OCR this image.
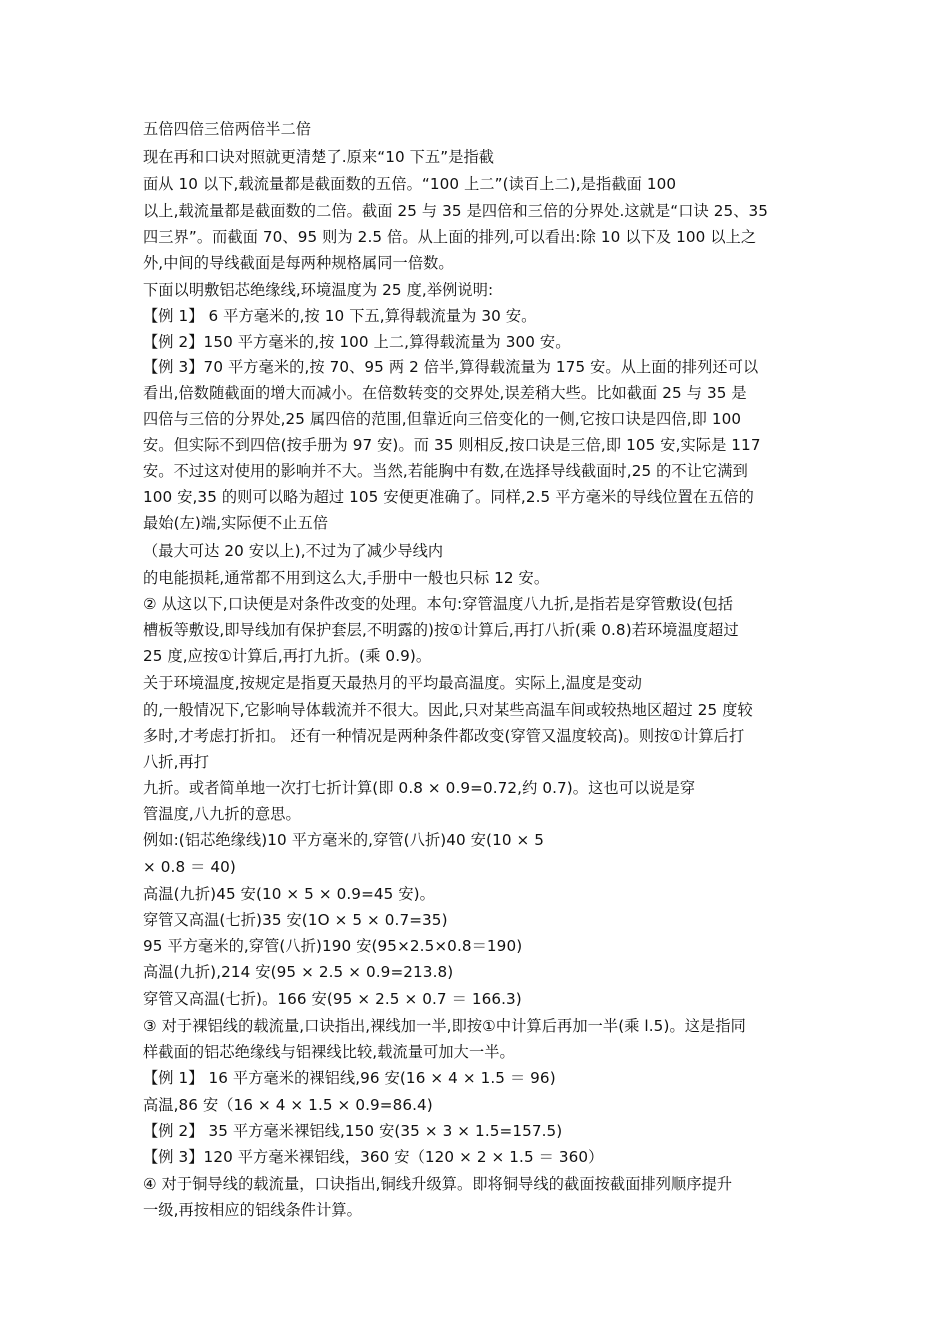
五倍四倍三倍两倍半二倍
现在再和口诀对照就更清楚了.原来“10 下五”是指截
面从 10 以下,载流量都是截面数的五倍。“100 上二”(读百上二),是指截面 100
以上,载流量都是截面数的二倍。截面 25 与 35 是四倍和三倍的分界处.这就是“口诀 25、35
四三界”。而截面 70、95 则为 2.5 倍。从上面的排列,可以看出:除 10 以下及 100 以上之
外,中间的导线截面是每两种规格属同一倍数。
下面以明敷铝芯绝缘线,环境温度为 25 度,举例说明:
【例 1】 6 平方毫米的,按 10 下五,算得载流量为 30 安。
【例 2】150 平方毫米的,按 100 上二,算得载流量为 300 安。
【例 3】70 平方毫米的,按 70、95 两 2 倍半,算得载流量为 175 安。从上面的排列还可以
看出,倍数随截面的增大而减小。在倍数转变的交界处,误差稍大些。比如截面 25 与 35 是
四倍与三倍的分界处,25 属四倍的范围,但靠近向三倍变化的一侧,它按口诀是四倍,即 100
安。但实际不到四倍(按手册为 97 安)。而 35 则相反,按口诀是三倍,即 105 安,实际是 117
安。不过这对使用的影响并不大。当然,若能胸中有数,在选择导线截面时,25 的不让它满到
100 安,35 的则可以略为超过 105 安便更准确了。同样,2.5 平方毫米的导线位置在五倍的
最始(左)端,实际便不止五倍
（最大可达 20 安以上),不过为了减少导线内
的电能损耗,通常都不用到这么大,手册中一般也只标 12 安。
② 从这以下,口诀便是对条件改变的处理。本句:穿管温度八九折,是指若是穿管敷设(包括
槽板等敷设,即导线加有保护套层,不明露的)按①计算后,再打八折(乘 0.8)若环境温度超过
25 度,应按①计算后,再打九折。(乘 0.9)。
关于环境温度,按规定是指夏天最热月的平均最高温度。实际上,温度是变动
的,一般情况下,它影响导体载流并不很大。因此,只对某些高温车间或较热地区超过 25 度较
多时,才考虑打折扣。 还有一种情况是两种条件都改变(穿管又温度较高)。则按①计算后打
八折,再打
九折。或者简单地一次打七折计算(即 0.8 × 0.9=0.72,约 0.7)。这也可以说是穿
管温度,八九折的意思。
例如:(铝芯绝缘线)10 平方毫米的,穿管(八折)40 安(10 × 5
× 0.8 ＝ 40)
高温(九折)45 安(10 × 5 × 0.9=45 安)。
穿管又高温(七折)35 安(1O × 5 × 0.7=35)
95 平方毫米的,穿管(八折)190 安(95×2.5×0.8＝190)
高温(九折),214 安(95 × 2.5 × 0.9=213.8)
穿管又高温(七折)。166 安(95 × 2.5 × 0.7 ＝ 166.3)
③ 对于裸铝线的载流量,口诀指出,裸线加一半,即按①中计算后再加一半(乘 l.5)。这是指同
样截面的铝芯绝缘线与铝裸线比较,载流量可加大一半。
【例 1】 16 平方毫米的裸铝线,96 安(16 × 4 × 1.5 ＝ 96)
高温,86 安（16 × 4 × 1.5 × 0.9=86.4)
【例 2】 35 平方毫米裸铝线,150 安(35 × 3 × 1.5=157.5)
【例 3】120 平方毫米裸铝线，360 安（120 × 2 × 1.5 ＝ 360）
④ 对于铜导线的载流量，口诀指出,铜线升级算。即将铜导线的截面按截面排列顺序提升
一级,再按相应的铝线条件计算。
